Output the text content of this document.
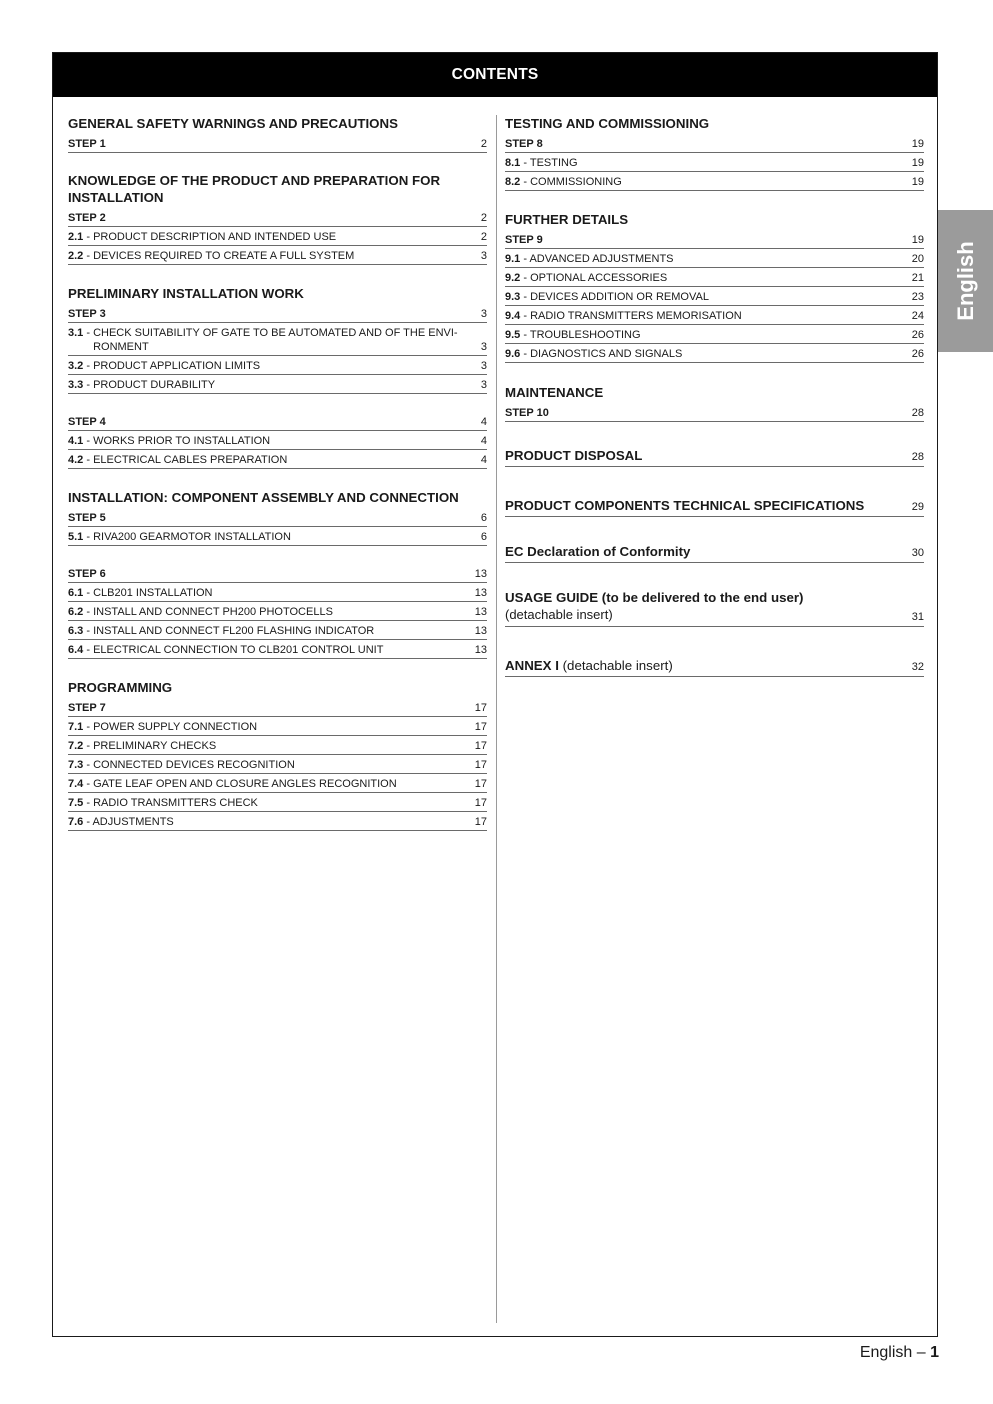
CONTENTS
GENERAL SAFETY WARNINGS AND PRECAUTIONS
STEP 1	2
KNOWLEDGE OF THE PRODUCT AND PREPARATION FOR INSTALLATION
STEP 2	2
2.1 - PRODUCT DESCRIPTION AND INTENDED USE	2
2.2 - DEVICES REQUIRED TO CREATE A FULL SYSTEM	3
PRELIMINARY INSTALLATION WORK
STEP 3	3
3.1 - CHECK SUITABILITY OF GATE TO BE AUTOMATED AND OF THE ENVI-RONMENT	3
3.2 - PRODUCT APPLICATION LIMITS	3
3.3 - PRODUCT DURABILITY	3
STEP 4	4
4.1 - WORKS PRIOR TO INSTALLATION	4
4.2 - ELECTRICAL CABLES PREPARATION	4
INSTALLATION: COMPONENT ASSEMBLY AND CONNECTION
STEP 5	6
5.1 - RIVA200 GEARMOTOR INSTALLATION	6
STEP 6	13
6.1 - CLB201 INSTALLATION	13
6.2 - INSTALL AND CONNECT PH200 PHOTOCELLS	13
6.3 - INSTALL AND CONNECT FL200 FLASHING INDICATOR	13
6.4 - ELECTRICAL CONNECTION TO CLB201 CONTROL UNIT	13
PROGRAMMING
STEP 7	17
7.1 - POWER SUPPLY CONNECTION	17
7.2 - PRELIMINARY CHECKS	17
7.3 - CONNECTED DEVICES RECOGNITION	17
7.4 - GATE LEAF OPEN AND CLOSURE ANGLES RECOGNITION	17
7.5 - RADIO TRANSMITTERS CHECK	17
7.6 - ADJUSTMENTS	17
TESTING AND COMMISSIONING
STEP 8	19
8.1 - TESTING	19
8.2 - COMMISSIONING	19
FURTHER DETAILS
STEP 9	19
9.1 - ADVANCED ADJUSTMENTS	20
9.2 - OPTIONAL ACCESSORIES	21
9.3 - DEVICES ADDITION OR REMOVAL	23
9.4 - RADIO TRANSMITTERS MEMORISATION	24
9.5 - TROUBLESHOOTING	26
9.6 - DIAGNOSTICS AND SIGNALS	26
MAINTENANCE
STEP 10	28
PRODUCT DISPOSAL	28
PRODUCT COMPONENTS TECHNICAL SPECIFICATIONS	29
EC Declaration of Conformity	30
USAGE GUIDE (to be delivered to the end user)
(detachable insert)	31
ANNEX I (detachable insert)	32
English
English – 1
